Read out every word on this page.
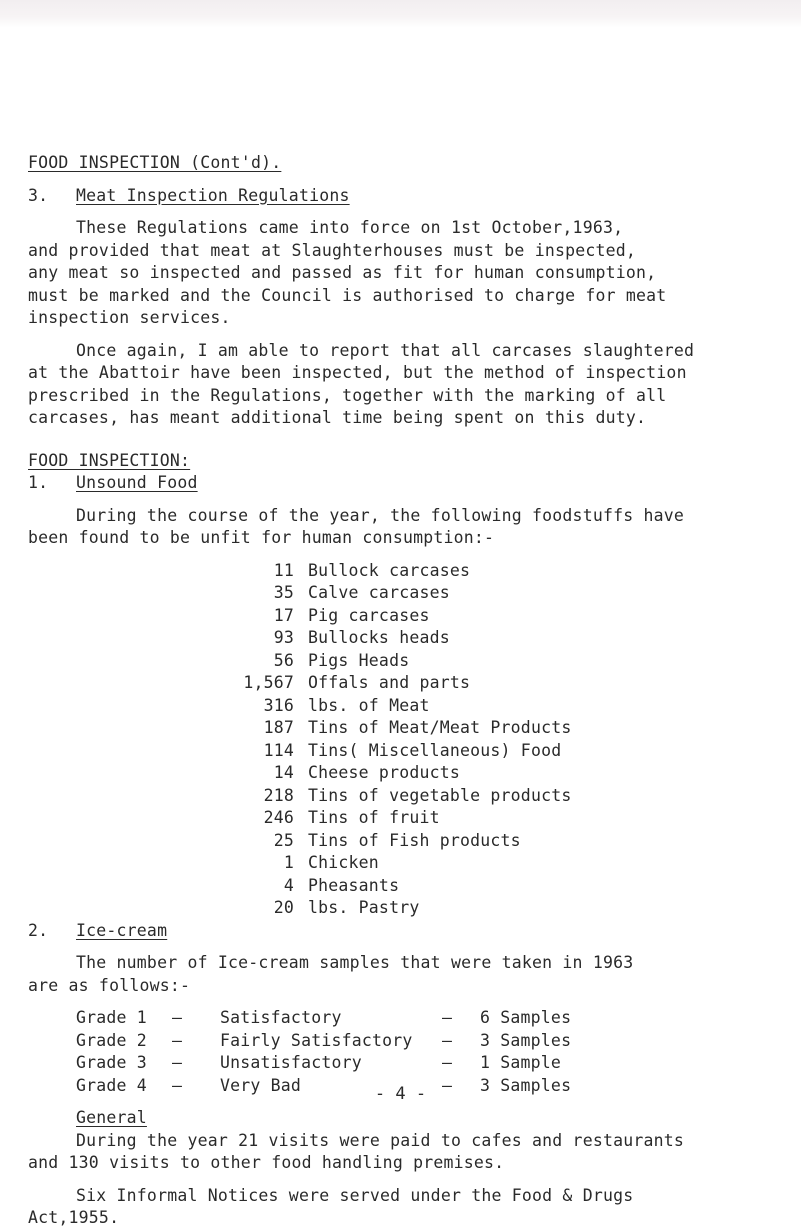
FOOD INSPECTION (Cont'd).
3.	Meat Inspection Regulations
These Regulations came into force on 1st October,1963,
and provided that meat at Slaughterhouses must be inspected,
any meat so inspected and passed as fit for human consumption,
must be marked and the Council is authorised to charge for meat
inspection services.
Once again, I am able to report that all carcases slaughtered
at the Abattoir have been inspected, but the method of inspection
prescribed in the Regulations, together with the marking of all
carcases, has meant additional time being spent on this duty.
FOOD INSPECTION:
1.	Unsound Food
During the course of the year, the following foodstuffs have
been found to be unfit for human consumption:-
11 Bullock carcases
35 Calve carcases
17 Pig carcases
93 Bullocks heads
56 Pigs Heads
1,567 Offals and parts
316 lbs. of Meat
187 Tins of Meat/Meat Products
114 Tins( Miscellaneous) Food
14 Cheese products
218 Tins of vegetable products
246 Tins of fruit
25 Tins of Fish products
1 Chicken
4 Pheasants
20 lbs. Pastry
2.	Ice-cream
The number of Ice-cream samples that were taken in 1963
are as follows:-
Grade 1	–	Satisfactory	–	6 Samples
Grade 2	–	Fairly Satisfactory	–	3 Samples
Grade 3	–	Unsatisfactory	–	1 Sample
Grade 4	–	Very Bad	–	3 Samples
General
During the year 21 visits were paid to cafes and restaurants
and 130 visits to other food handling premises.
Six Informal Notices were served under the Food & Drugs
Act,1955.
- 4 -
